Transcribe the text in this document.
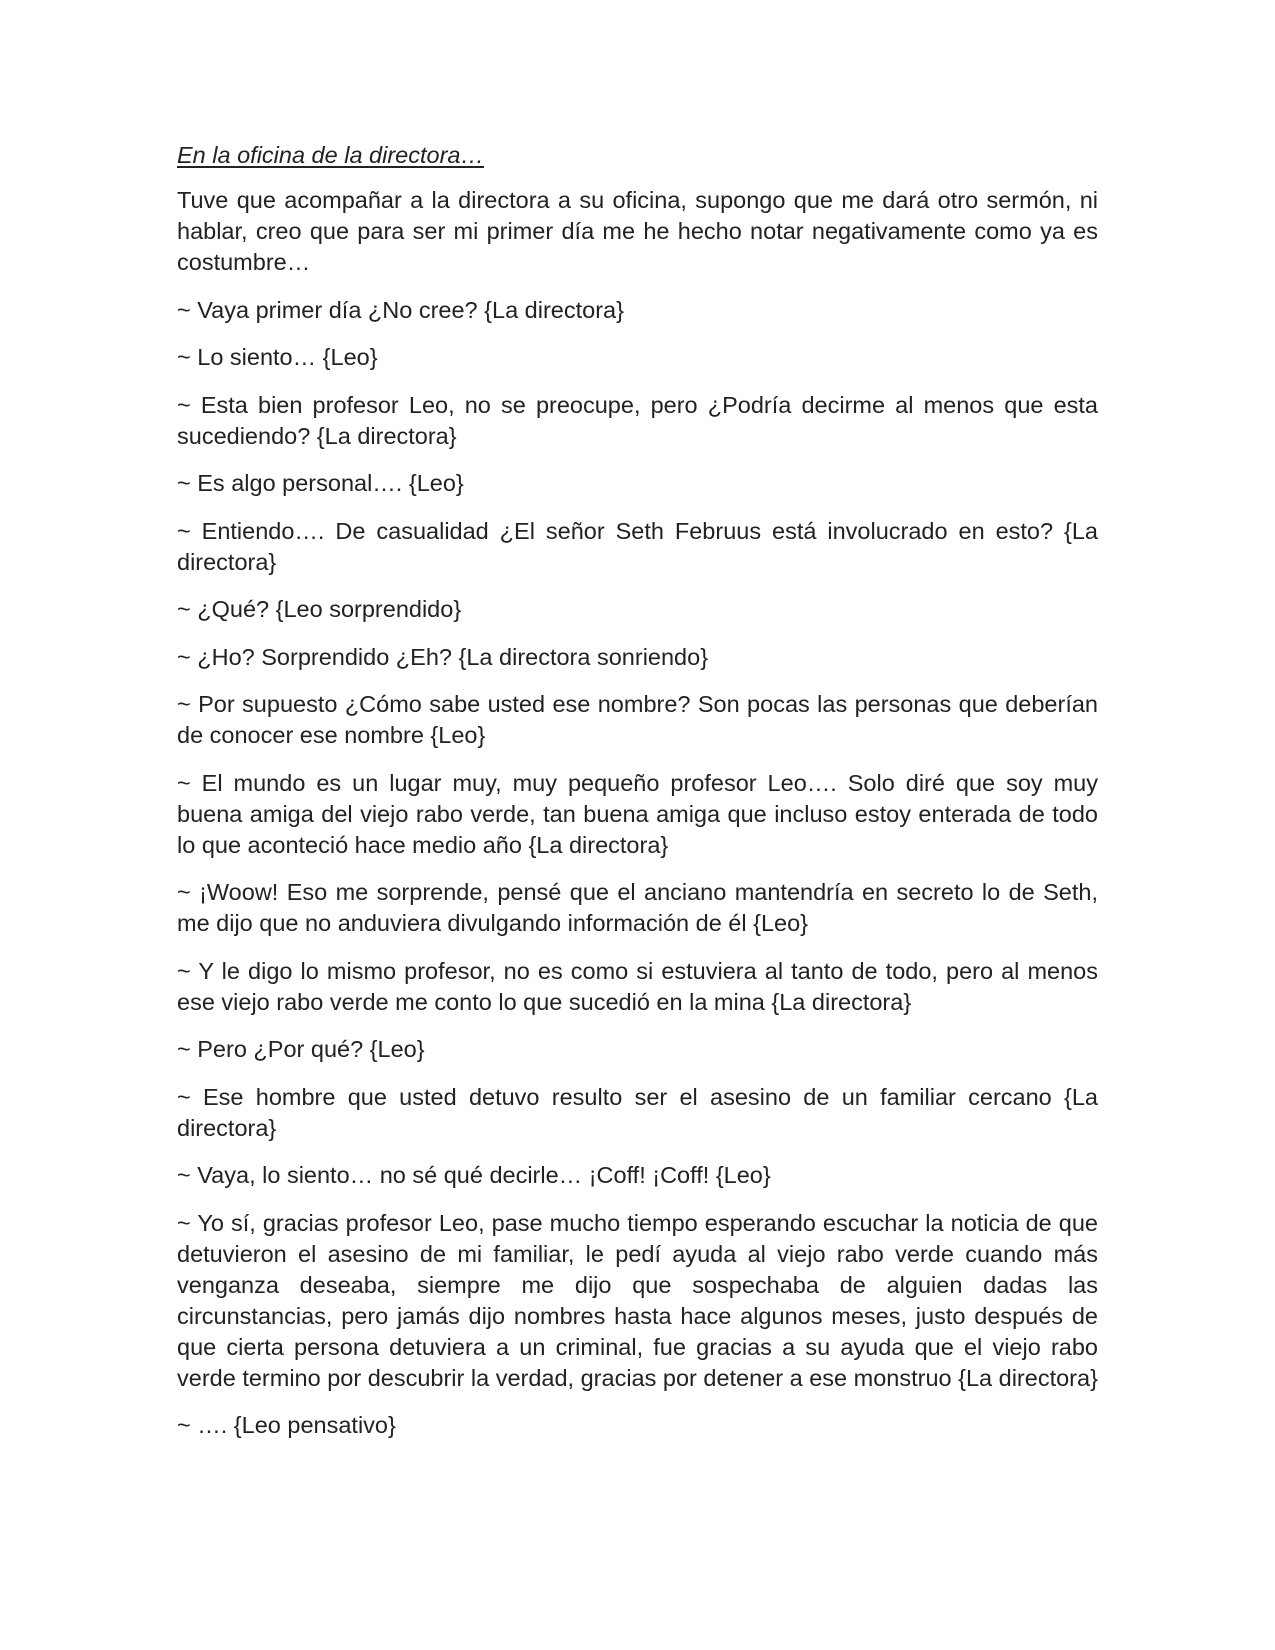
En la oficina de la directora…

Tuve que acompañar a la directora a su oficina, supongo que me dará otro sermón, ni hablar, creo que para ser mi primer día me he hecho notar negativamente como ya es costumbre…

~ Vaya primer día ¿No cree? {La directora}

~ Lo siento… {Leo}

~ Esta bien profesor Leo, no se preocupe, pero ¿Podría decirme al menos que esta sucediendo? {La directora}

~ Es algo personal…. {Leo}

~ Entiendo…. De casualidad ¿El señor Seth Februus está involucrado en esto? {La directora}

~ ¿Qué? {Leo sorprendido}

~ ¿Ho? Sorprendido ¿Eh? {La directora sonriendo}

~ Por supuesto ¿Cómo sabe usted ese nombre? Son pocas las personas que deberían de conocer ese nombre {Leo}

~ El mundo es un lugar muy, muy pequeño profesor Leo…. Solo diré que soy muy buena amiga del viejo rabo verde, tan buena amiga que incluso estoy enterada de todo lo que aconteció hace medio año {La directora}

~ ¡Woow! Eso me sorprende, pensé que el anciano mantendría en secreto lo de Seth, me dijo que no anduviera divulgando información de él {Leo}

~ Y le digo lo mismo profesor, no es como si estuviera al tanto de todo, pero al menos ese viejo rabo verde me conto lo que sucedió en la mina {La directora}

~ Pero ¿Por qué? {Leo}

~ Ese hombre que usted detuvo resulto ser el asesino de un familiar cercano {La directora}

~ Vaya, lo siento… no sé qué decirle… ¡Coff! ¡Coff! {Leo}

~ Yo sí, gracias profesor Leo, pase mucho tiempo esperando escuchar la noticia de que detuvieron el asesino de mi familiar, le pedí ayuda al viejo rabo verde cuando más venganza deseaba, siempre me dijo que sospechaba de alguien dadas las circunstancias, pero jamás dijo nombres hasta hace algunos meses, justo después de que cierta persona detuviera a un criminal, fue gracias a su ayuda que el viejo rabo verde termino por descubrir la verdad, gracias por detener a ese monstruo {La directora}

~ …. {Leo pensativo}
